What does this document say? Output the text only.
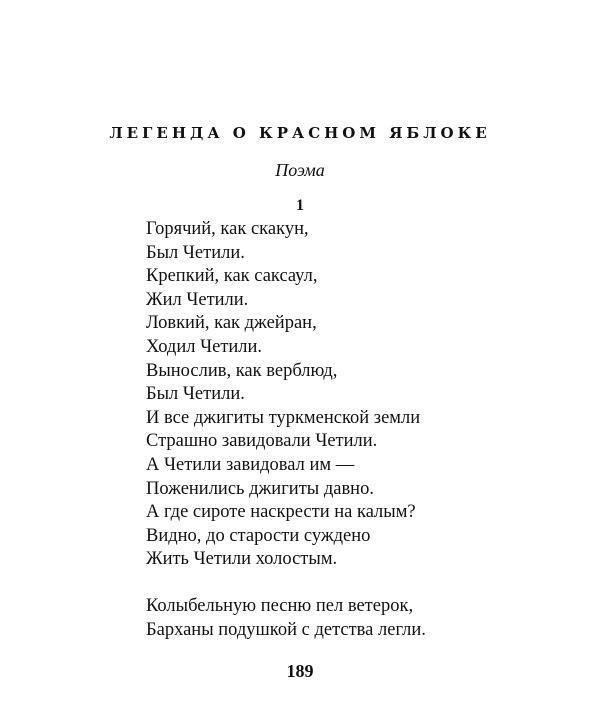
ЛЕГЕНДА О КРАСНОМ ЯБЛОКЕ
Поэма
1
Горячий, как скакун,
Был Четили.
Крепкий, как саксаул,
Жил Четили.
Ловкий, как джейран,
Ходил Четили.
Вынослив, как верблюд,
Был Четили.
И все джигиты туркменской земли
Страшно завидовали Четили.
А Четили завидовал им —
Поженились джигиты давно.
А где сироте наскрести на калым?
Видно, до старости суждено
Жить Четили холостым.
Колыбельную песню пел ветерок,
Барханы подушкой с детства легли.
189
